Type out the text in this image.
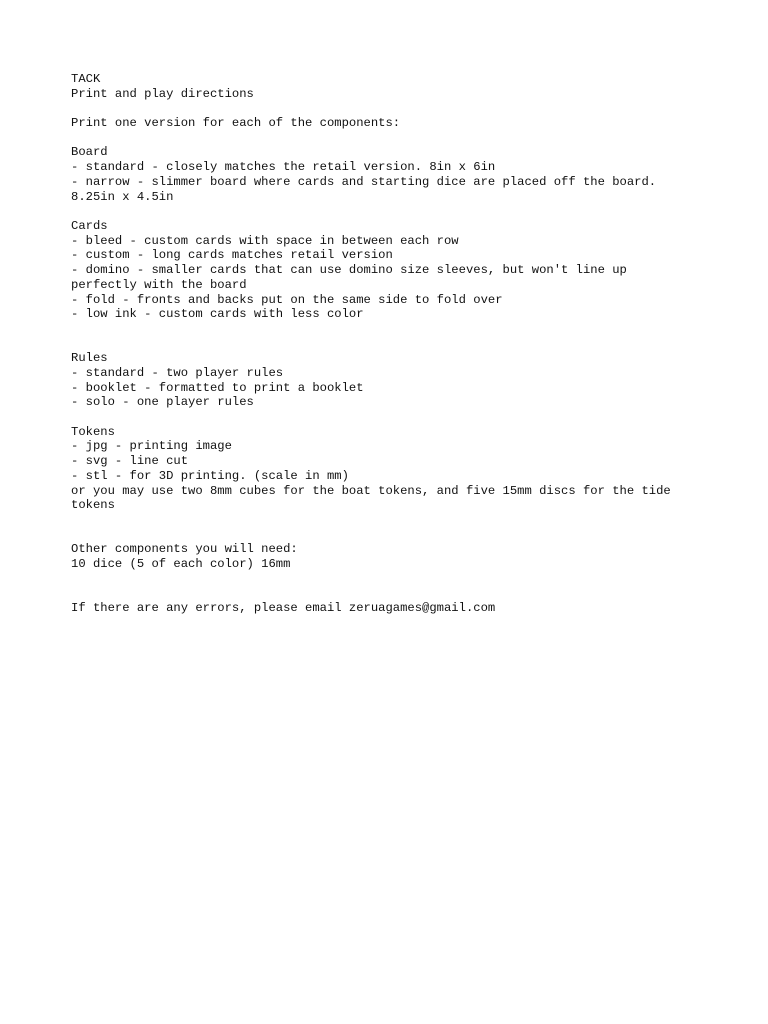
TACK
Print and play directions
Print one version for each of the components:
Board
- standard - closely matches the retail version. 8in x 6in
- narrow - slimmer board where cards and starting dice are placed off the board.
8.25in x 4.5in
Cards
- bleed - custom cards with space in between each row
- custom - long cards matches retail version
- domino - smaller cards that can use domino size sleeves, but won't line up
perfectly with the board
- fold - fronts and backs put on the same side to fold over
- low ink - custom cards with less color
Rules
- standard - two player rules
- booklet - formatted to print a booklet
- solo - one player rules
Tokens
- jpg - printing image
- svg - line cut
- stl - for 3D printing. (scale in mm)
or you may use two 8mm cubes for the boat tokens, and five 15mm discs for the tide
tokens
Other components you will need:
10 dice (5 of each color) 16mm
If there are any errors, please email zeruagames@gmail.com
